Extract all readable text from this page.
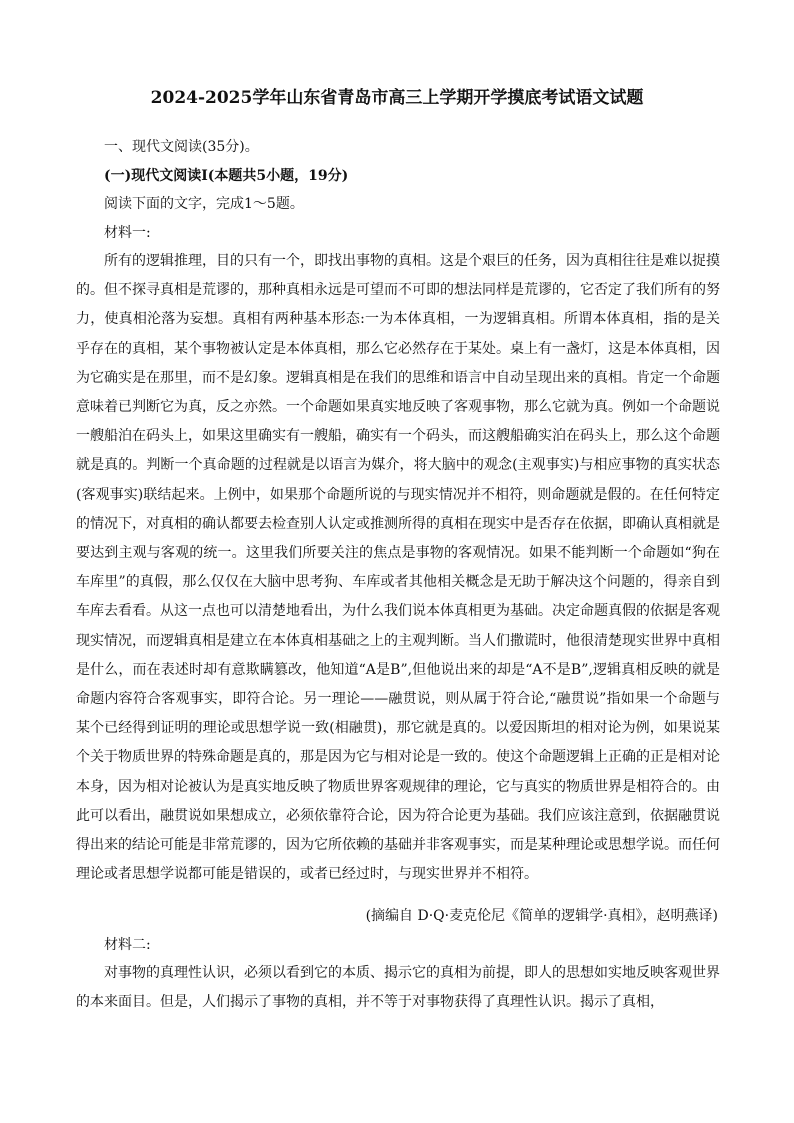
2024-2025学年山东省青岛市高三上学期开学摸底考试语文试题
一、现代文阅读(35分)。
(一)现代文阅读I(本题共5小题，19分)
阅读下面的文字，完成1～5题。
材料一:

所有的逻辑推理，目的只有一个，即找出事物的真相。这是个艰巨的任务，因为真相往往是难以捉摸的。但不探寻真相是荒谬的，那种真相永远是可望而不可即的想法同样是荒谬的，它否定了我们所有的努力，使真相沦落为妄想。真相有两种基本形态:一为本体真相，一为逻辑真相。所谓本体真相，指的是关乎存在的真相，某个事物被认定是本体真相，那么它必然存在于某处。桌上有一盏灯，这是本体真相，因为它确实是在那里，而不是幻象。逻辑真相是在我们的思维和语言中自动呈现出来的真相。肯定一个命题意味着已判断它为真，反之亦然。一个命题如果真实地反映了客观事物，那么它就为真。例如一个命题说一艘船泊在码头上，如果这里确实有一艘船，确实有一个码头，而这艘船确实泊在码头上，那么这个命题就是真的。判断一个真命题的过程就是以语言为媒介，将大脑中的观念(主观事实)与相应事物的真实状态(客观事实)联结起来。上例中，如果那个命题所说的与现实情况并不相符，则命题就是假的。在任何特定的情况下，对真相的确认都要去检查别人认定或推测所得的真相在现实中是否存在依据，即确认真相就是要达到主观与客观的统一。这里我们所要关注的焦点是事物的客观情况。如果不能判断一个命题如“狗在车库里”的真假，那么仅仅在大脑中思考狗、车库或者其他相关概念是无助于解决这个问题的，得亲自到车库去看看。从这一点也可以清楚地看出，为什么我们说本体真相更为基础。决定命题真假的依据是客观现实情况，而逻辑真相是建立在本体真相基础之上的主观判断。当人们撒谎时，他很清楚现实世界中真相是什么，而在表述时却有意欺瞒篡改，他知道“A是B”,但他说出来的却是“A不是B”,逻辑真相反映的就是命题内容符合客观事实，即符合论。另一理论——融贯说，则从属于符合论,“融贯说”指如果一个命题与某个已经得到证明的理论或思想学说一致(相融贯)，那它就是真的。以爱因斯坦的相对论为例，如果说某个关于物质世界的特殊命题是真的，那是因为它与相对论是一致的。使这个命题逻辑上正确的正是相对论本身，因为相对论被认为是真实地反映了物质世界客观规律的理论，它与真实的物质世界是相符合的。由此可以看出，融贯说如果想成立，必须依靠符合论，因为符合论更为基础。我们应该注意到，依据融贯说得出来的结论可能是非常荒谬的，因为它所依赖的基础并非客观事实，而是某种理论或思想学说。而任何理论或者思想学说都可能是错误的，或者已经过时，与现实世界并不相符。

(摘编自 D·Q·麦克伦尼《简单的逻辑学·真相》，赵明燕译)
材料二:

对事物的真理性认识，必须以看到它的本质、揭示它的真相为前提，即人的思想如实地反映客观世界的本来面目。但是，人们揭示了事物的真相，并不等于对事物获得了真理性认识。揭示了真相，
